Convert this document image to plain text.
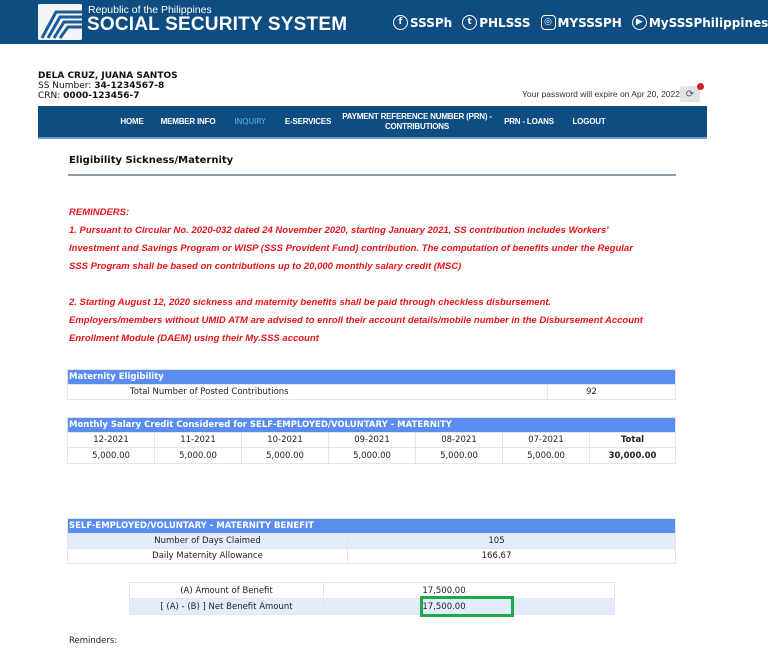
Republic of the Philippines
SOCIAL SECURITY SYSTEM	f SSSPh	t PHLSSS	◎ MYSSSPH	▶ MySSSPhilippines
DELA CRUZ, JUANA SANTOS
SS Number: 34-1234567-8
CRN: 0000-123456-7	Your password will expire on Apr 20, 2022 ⟳
HOME	MEMBER INFO	INQUIRY	E-SERVICES
PAYMENT REFERENCE NUMBER (PRN) -
CONTRIBUTIONS
PRN - LOANS	LOGOUT
Eligibility Sickness/Maternity

REMINDERS:

1. Pursuant to Circular No. 2020-032 dated 24 November 2020, starting January 2021, SS contribution includes Workers'

Investment and Savings Program or WISP (SSS Provident Fund) contribution. The computation of benefits under the Regular

SSS Program shall be based on contributions up to 20,000 monthly salary credit (MSC)

2. Starting August 12, 2020 sickness and maternity benefits shall be paid through checkless disbursement.

Employers/members without UMID ATM are advised to enroll their account details/mobile number in the Disbursement Account

Enrollment Module (DAEM) using their My.SSS account

Maternity Eligibility
Total Number of Posted Contributions	92
Monthly Salary Credit Considered for SELF-EMPLOYED/VOLUNTARY - MATERNITY						
12-2021	11-2021	10-2021	09-2021	08-2021	07-2021	Total
5,000.00	5,000.00	5,000.00	5,000.00	5,000.00	5,000.00	30,000.00
SELF-EMPLOYED/VOLUNTARY - MATERNITY BENEFIT	
Number of Days Claimed	105
Daily Maternity Allowance	166.67
(A) Amount of Benefit	17,500.00
[ (A) - (B) ] Net Benefit Amount	17,500.00
Reminders:
